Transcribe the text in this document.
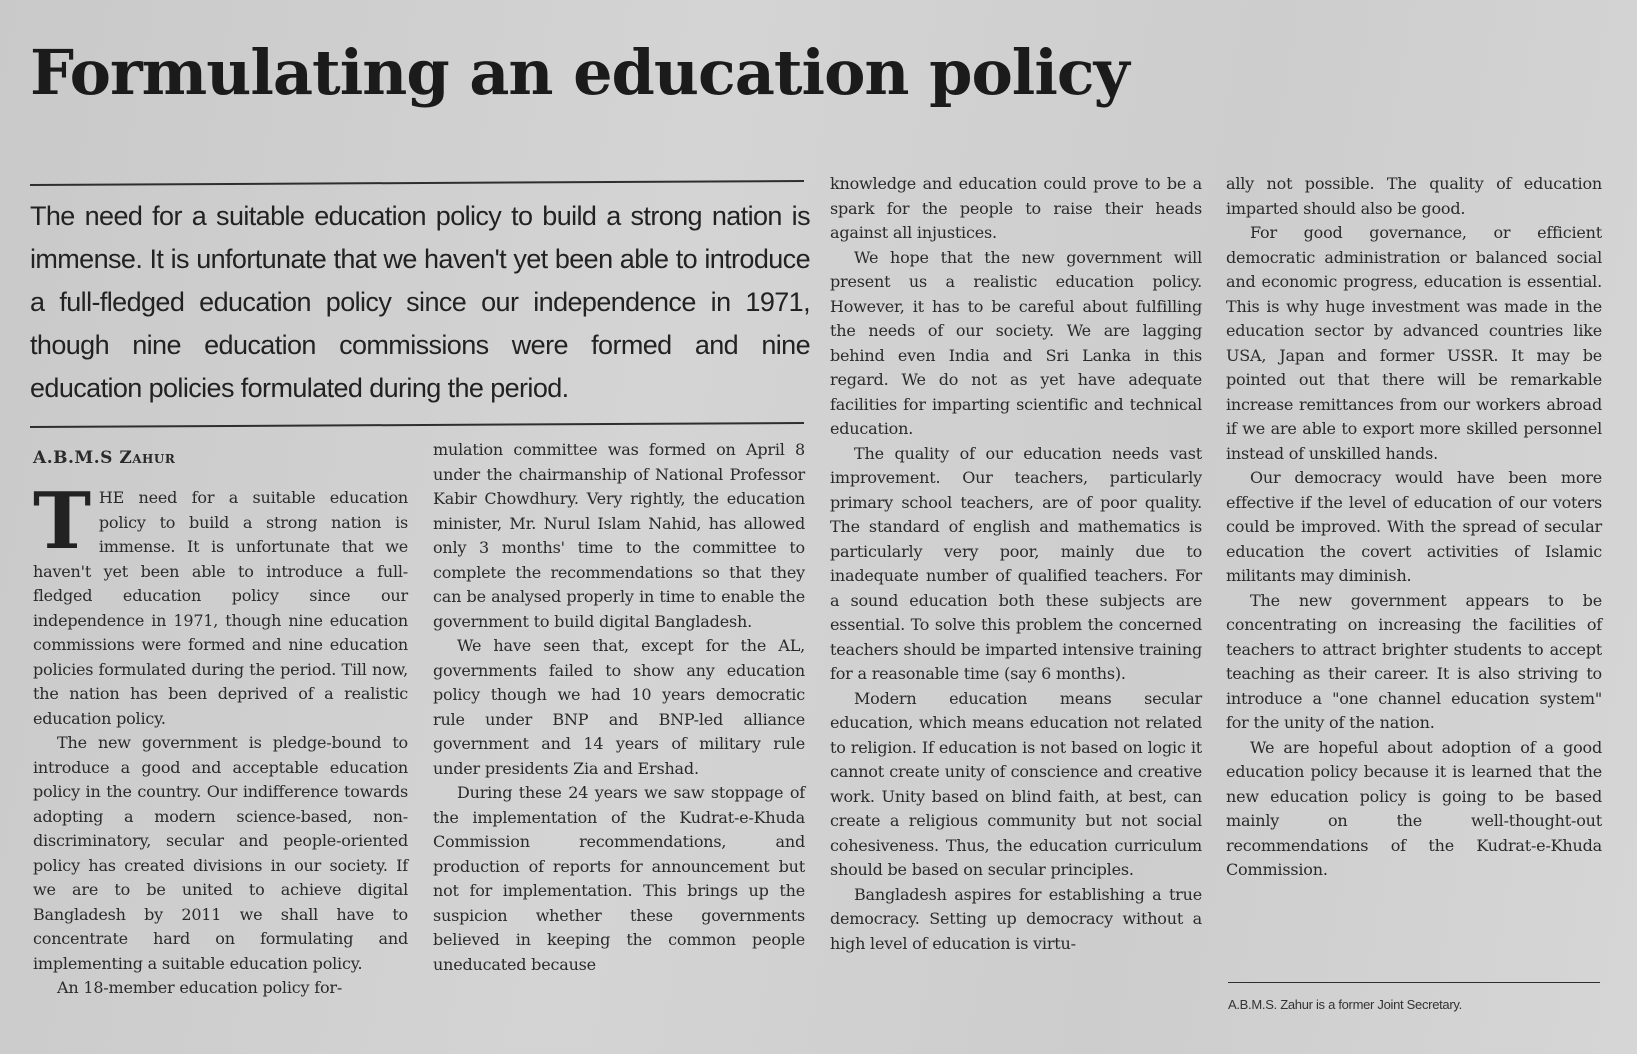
Formulating an education policy
The need for a suitable education policy to build a strong nation is immense. It is unfortunate that we haven't yet been able to introduce a full-fledged education policy since our independence in 1971, though nine education commissions were formed and nine education policies formulated during the period.
A.B.M.S Zahur

THE need for a suitable education policy to build a strong nation is immense. It is unfortunate that we haven't yet been able to introduce a full-fledged education policy since our independence in 1971, though nine education commissions were formed and nine education policies formulated during the period. Till now, the nation has been deprived of a realistic education policy.

The new government is pledge-bound to introduce a good and acceptable education policy in the country. Our indifference towards adopting a modern science-based, non-discriminatory, secular and people-oriented policy has created divisions in our society. If we are to be united to achieve digital Bangladesh by 2011 we shall have to concentrate hard on formulating and implementing a suitable education policy.

An 18-member education policy for-

mulation committee was formed on April 8 under the chairmanship of National Professor Kabir Chowdhury. Very rightly, the education minister, Mr. Nurul Islam Nahid, has allowed only 3 months' time to the committee to complete the recommendations so that they can be analysed properly in time to enable the government to build digital Bangladesh.

We have seen that, except for the AL, governments failed to show any education policy though we had 10 years democratic rule under BNP and BNP-led alliance government and 14 years of military rule under presidents Zia and Ershad.

During these 24 years we saw stoppage of the implementation of the Kudrat-e-Khuda Commission recommendations, and production of reports for announcement but not for implementation. This brings up the suspicion whether these governments believed in keeping the common people uneducated because

knowledge and education could prove to be a spark for the people to raise their heads against all injustices.

We hope that the new government will present us a realistic education policy. However, it has to be careful about fulfilling the needs of our society. We are lagging behind even India and Sri Lanka in this regard. We do not as yet have adequate facilities for imparting scientific and technical education.

The quality of our education needs vast improvement. Our teachers, particularly primary school teachers, are of poor quality. The standard of english and mathematics is particularly very poor, mainly due to inadequate number of qualified teachers. For a sound education both these subjects are essential. To solve this problem the concerned teachers should be imparted intensive training for a reasonable time (say 6 months).

Modern education means secular education, which means education not related to religion. If education is not based on logic it cannot create unity of conscience and creative work. Unity based on blind faith, at best, can create a religious community but not social cohesiveness. Thus, the education curriculum should be based on secular principles.

Bangladesh aspires for establishing a true democracy. Setting up democracy without a high level of education is virtu-

ally not possible. The quality of education imparted should also be good.

For good governance, or efficient democratic administration or balanced social and economic progress, education is essential. This is why huge investment was made in the education sector by advanced countries like USA, Japan and former USSR. It may be pointed out that there will be remarkable increase remittances from our workers abroad if we are able to export more skilled personnel instead of unskilled hands.

Our democracy would have been more effective if the level of education of our voters could be improved. With the spread of secular education the covert activities of Islamic militants may diminish.

The new government appears to be concentrating on increasing the facilities of teachers to attract brighter students to accept teaching as their career. It is also striving to introduce a "one channel education system" for the unity of the nation.

We are hopeful about adoption of a good education policy because it is learned that the new education policy is going to be based mainly on the well-thought-out recommendations of the Kudrat-e-Khuda Commission.

A.B.M.S. Zahur is a former Joint Secretary.
